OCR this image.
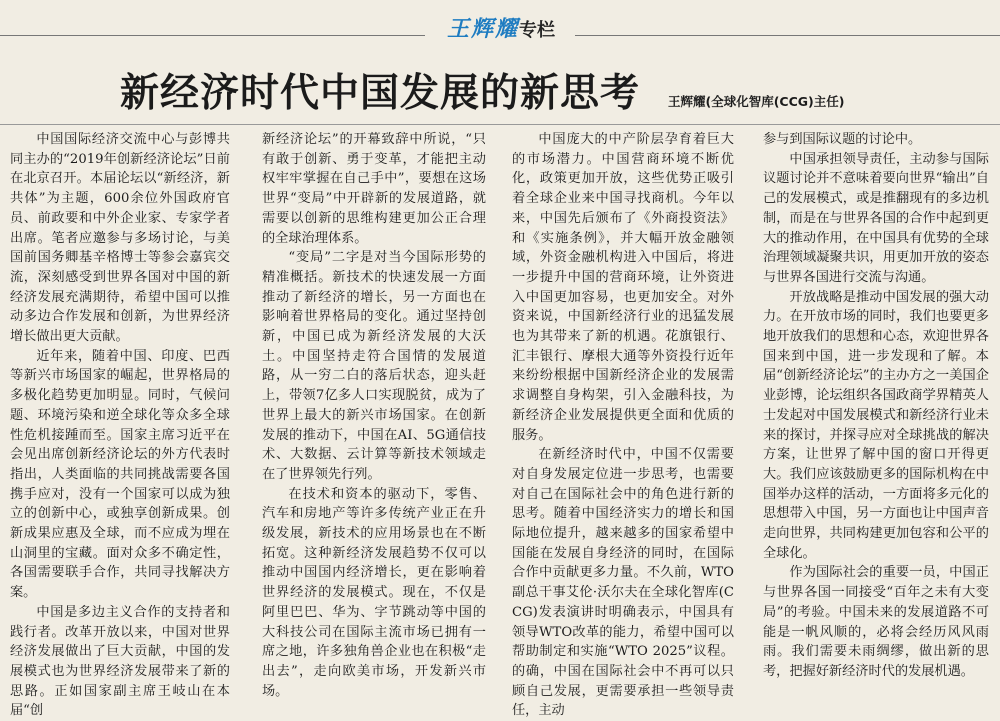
王辉耀专栏
新经济时代中国发展的新思考	王辉耀(全球化智库(CCG)主任)

中国国际经济交流中心与彭博共同主办的“2019年创新经济论坛”日前在北京召开。本届论坛以“新经济，新共体”为主题，600余位外国政府官员、前政要和中外企业家、专家学者出席。笔者应邀参与多场讨论，与美国前国务卿基辛格博士等参会嘉宾交流，深刻感受到世界各国对中国的新经济发展充满期待，希望中国可以推动多边合作发展和创新，为世界经济增长做出更大贡献。

近年来，随着中国、印度、巴西等新兴市场国家的崛起，世界格局的多极化趋势更加明显。同时，气候问题、环境污染和逆全球化等众多全球性危机接踵而至。国家主席习近平在会见出席创新经济论坛的外方代表时指出，人类面临的共同挑战需要各国携手应对，没有一个国家可以成为独立的创新中心，或独享创新成果。创新成果应惠及全球，而不应成为埋在山洞里的宝藏。面对众多不确定性，各国需要联手合作，共同寻找解决方案。

中国是多边主义合作的支持者和践行者。改革开放以来，中国对世界经济发展做出了巨大贡献，中国的发展模式也为世界经济发展带来了新的思路。正如国家副主席王岐山在本届“创

新经济论坛”的开幕致辞中所说，“只有敢于创新、勇于变革，才能把主动权牢牢掌握在自己手中”，要想在这场世界“变局”中开辟新的发展道路，就需要以创新的思维构建更加公正合理的全球治理体系。

“变局”二字是对当今国际形势的精准概括。新技术的快速发展一方面推动了新经济的增长，另一方面也在影响着世界格局的变化。通过坚持创新，中国已成为新经济发展的大沃土。中国坚持走符合国情的发展道路，从一穷二白的落后状态，迎头赶上，带领7亿多人口实现脱贫，成为了世界上最大的新兴市场国家。在创新发展的推动下，中国在AI、5G通信技术、大数据、云计算等新技术领域走在了世界领先行列。

在技术和资本的驱动下，零售、汽车和房地产等许多传统产业正在升级发展，新技术的应用场景也在不断拓宽。这种新经济发展趋势不仅可以推动中国国内经济增长，更在影响着世界经济的发展模式。现在，不仅是阿里巴巴、华为、字节跳动等中国的大科技公司在国际主流市场已拥有一席之地，许多独角兽企业也在积极“走出去”，走向欧美市场，开发新兴市场。

中国庞大的中产阶层孕育着巨大的市场潜力。中国营商环境不断优化，政策更加开放，这些优势正吸引着全球企业来中国寻找商机。今年以来，中国先后颁布了《外商投资法》和《实施条例》，并大幅开放金融领域，外资金融机构进入中国后，将进一步提升中国的营商环境，让外资进入中国更加容易，也更加安全。对外资来说，中国新经济行业的迅猛发展也为其带来了新的机遇。花旗银行、汇丰银行、摩根大通等外资投行近年来纷纷根据中国新经济企业的发展需求调整自身构架，引入金融科技，为新经济企业发展提供更全面和优质的服务。

在新经济时代中，中国不仅需要对自身发展定位进一步思考，也需要对自己在国际社会中的角色进行新的思考。随着中国经济实力的增长和国际地位提升，越来越多的国家希望中国能在发展自身经济的同时，在国际合作中贡献更多力量。不久前，WTO副总干事艾伦·沃尔夫在全球化智库(CCG)发表演讲时明确表示，中国具有领导WTO改革的能力，希望中国可以帮助制定和实施“WTO 2025”议程。的确，中国在国际社会中不再可以只顾自己发展，更需要承担一些领导责任，主动

参与到国际议题的讨论中。

中国承担领导责任，主动参与国际议题讨论并不意味着要向世界“输出”自己的发展模式，或是推翻现有的多边机制，而是在与世界各国的合作中起到更大的推动作用，在中国具有优势的全球治理领域凝聚共识，用更加开放的姿态与世界各国进行交流与沟通。

开放战略是推动中国发展的强大动力。在开放市场的同时，我们也要更多地开放我们的思想和心态，欢迎世界各国来到中国，进一步发现和了解。本届“创新经济论坛”的主办方之一美国企业彭博，论坛组织各国政商学界精英人士发起对中国发展模式和新经济行业未来的探讨，并探寻应对全球挑战的解决方案，让世界了解中国的窗口开得更大。我们应该鼓励更多的国际机构在中国举办这样的活动，一方面将多元化的思想带入中国，另一方面也让中国声音走向世界，共同构建更加包容和公平的全球化。

作为国际社会的重要一员，中国正与世界各国一同接受“百年之未有大变局”的考验。中国未来的发展道路不可能是一帆风顺的，必将会经历风风雨雨。我们需要未雨绸缪，做出新的思考，把握好新经济时代的发展机遇。
